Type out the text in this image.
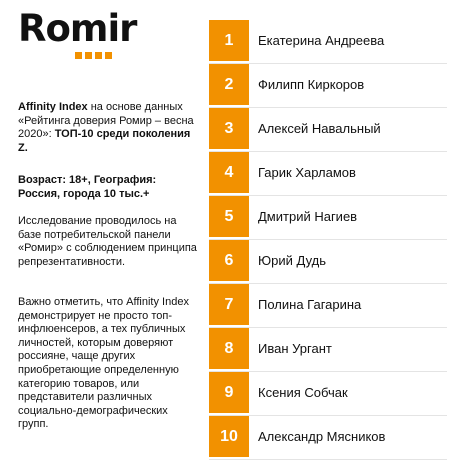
Romir
Affinity Index на основе данных «Рейтинга доверия Ромир – весна 2020»: ТОП-10 среди поколения Z.
Возраст: 18+, География: Россия, города 10 тыс.+
Исследование проводилось на базе потребительской панели «Ромир» с соблюдением принципа репрезентативности.
Важно отметить, что Affinity Index демонстрирует не просто топ-инфлюенсеров, а тех публичных личностей, которым доверяют россияне, чаще других приобретающие определенную категорию товаров, или представители различных социально-демографических групп.
1	Екатерина Андреева
2	Филипп Киркоров
3	Алексей Навальный
4	Гарик Харламов
5	Дмитрий Нагиев
6	Юрий Дудь
7	Полина Гагарина
8	Иван Ургант
9	Ксения Собчак
10	Александр Мясников
